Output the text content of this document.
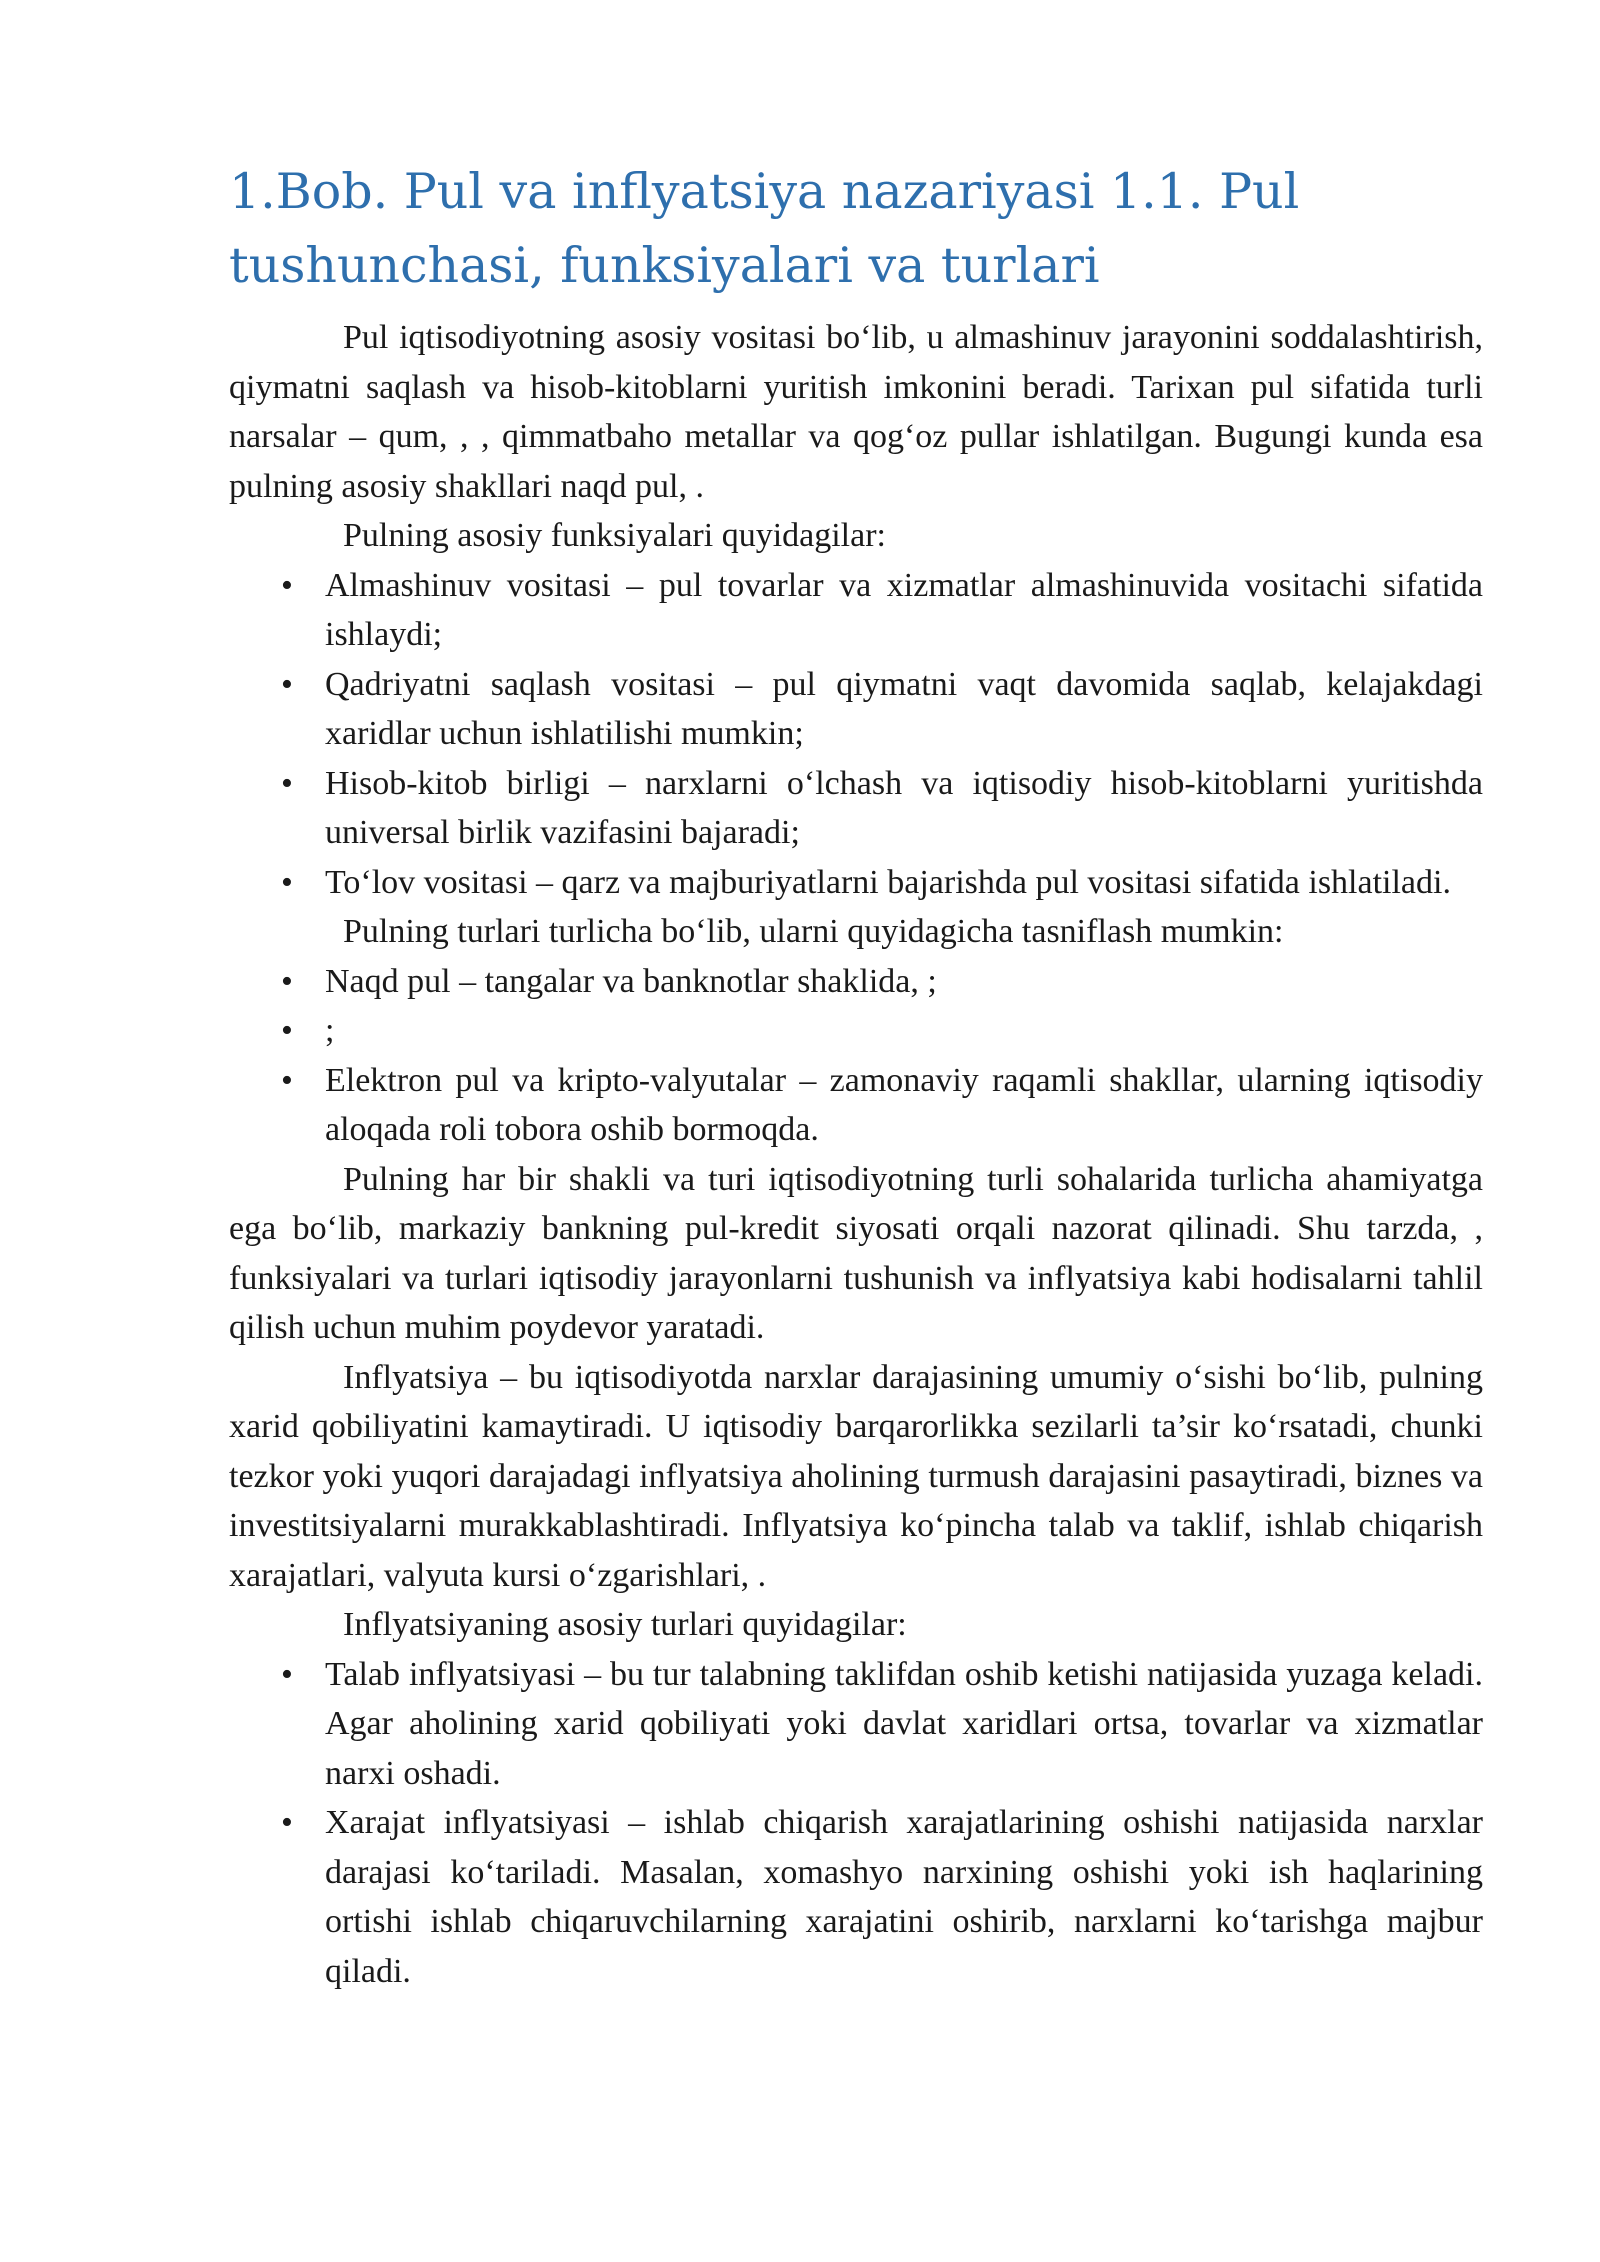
1.Bob. Pul va inflyatsiya nazariyasi 1.1. Pul tushunchasi, funksiyalari va turlari

Pul iqtisodiyotning asosiy vositasi bo‘lib, u almashinuv jarayonini soddalashtirish, qiymatni saqlash va hisob-kitoblarni yuritish imkonini beradi. Tarixan pul sifatida turli narsalar – qum, , , qimmatbaho metallar va qog‘oz pullar ishlatilgan. Bugungi kunda esa pulning asosiy shakllari naqd pul, .

Pulning asosiy funksiyalari quyidagilar:

• Almashinuv vositasi – pul tovarlar va xizmatlar almashinuvida vositachi sifatida ishlaydi;
• Qadriyatni saqlash vositasi – pul qiymatni vaqt davomida saqlab, kelajakdagi xaridlar uchun ishlatilishi mumkin;
• Hisob-kitob birligi – narxlarni o‘lchash va iqtisodiy hisob-kitoblarni yuritishda universal birlik vazifasini bajaradi;
• To‘lov vositasi – qarz va majburiyatlarni bajarishda pul vositasi sifatida ishlatiladi.

Pulning turlari turlicha bo‘lib, ularni quyidagicha tasniflash mumkin:

• Naqd pul – tangalar va banknotlar shaklida, ;
• ;
• Elektron pul va kripto-valyutalar – zamonaviy raqamli shakllar, ularning iqtisodiy aloqada roli tobora oshib bormoqda.

Pulning har bir shakli va turi iqtisodiyotning turli sohalarida turlicha ahamiyatga ega bo‘lib, markaziy bankning pul-kredit siyosati orqali nazorat qilinadi. Shu tarzda, , funksiyalari va turlari iqtisodiy jarayonlarni tushunish va inflyatsiya kabi hodisalarni tahlil qilish uchun muhim poydevor yaratadi.

Inflyatsiya – bu iqtisodiyotda narxlar darajasining umumiy o‘sishi bo‘lib, pulning xarid qobiliyatini kamaytiradi. U iqtisodiy barqarorlikka sezilarli ta’sir ko‘rsatadi, chunki tezkor yoki yuqori darajadagi inflyatsiya aholining turmush darajasini pasaytiradi, biznes va investitsiyalarni murakkablashtiradi. Inflyatsiya ko‘pincha talab va taklif, ishlab chiqarish xarajatlari, valyuta kursi o‘zgarishlari, .

Inflyatsiyaning asosiy turlari quyidagilar:

• Talab inflyatsiyasi – bu tur talabning taklifdan oshib ketishi natijasida yuzaga keladi. Agar aholining xarid qobiliyati yoki davlat xaridlari ortsa, tovarlar va xizmatlar narxi oshadi.
• Xarajat inflyatsiyasi – ishlab chiqarish xarajatlarining oshishi natijasida narxlar darajasi ko‘tariladi. Masalan, xomashyo narxining oshishi yoki ish haqlarining ortishi ishlab chiqaruvchilarning xarajatini oshirib, narxlarni ko‘tarishga majbur qiladi.
